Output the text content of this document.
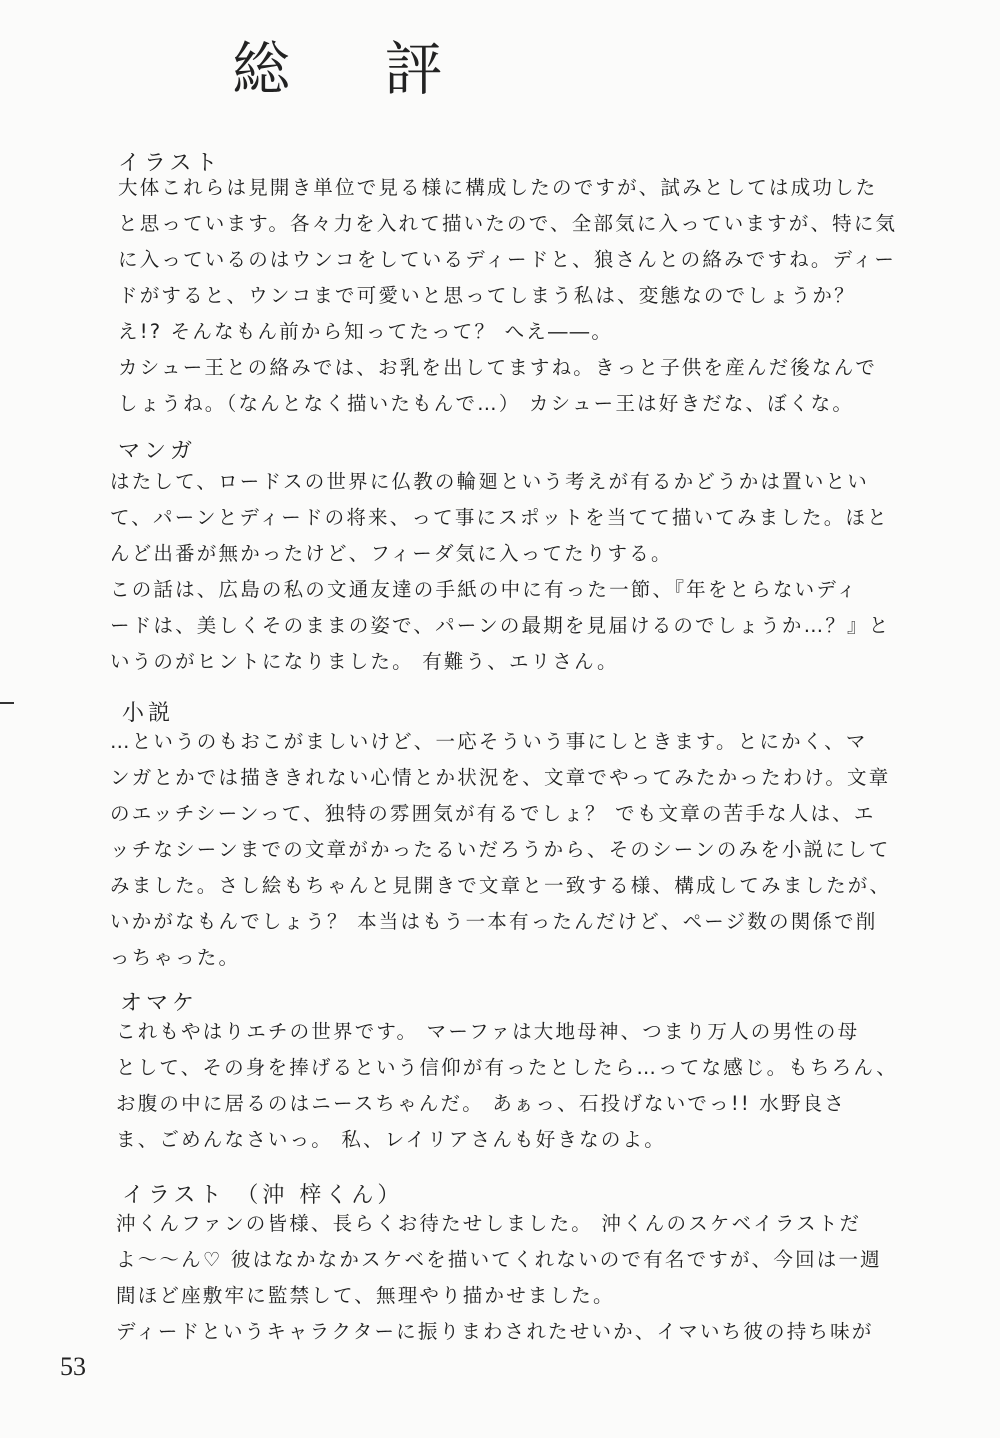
総 評
イラスト
大体これらは見開き単位で見る様に構成したのですが、試みとしては成功した
と思っています。各々力を入れて描いたので、全部気に入っていますが、特に気
に入っているのはウンコをしているディードと、狼さんとの絡みですね。ディー
ドがすると、ウンコまで可愛いと思ってしまう私は、変態なのでしょうか？
え!? そんなもん前から知ってたって？ へえ――。
カシュー王との絡みでは、お乳を出してますね。きっと子供を産んだ後なんで
しょうね。（なんとなく描いたもんで…） カシュー王は好きだな、ぼくな。
マンガ
はたして、ロードスの世界に仏教の輪廻という考えが有るかどうかは置いとい
て、パーンとディードの将来、って事にスポットを当てて描いてみました。ほと
んど出番が無かったけど、フィーダ気に入ってたりする。
この話は、広島の私の文通友達の手紙の中に有った一節、『年をとらないディ
ードは、美しくそのままの姿で、パーンの最期を見届けるのでしょうか…？』と
いうのがヒントになりました。 有難う、エリさん。
小説
…というのもおこがましいけど、一応そういう事にしときます。とにかく、マ
ンガとかでは描ききれない心情とか状況を、文章でやってみたかったわけ。文章
のエッチシーンって、独特の雰囲気が有るでしょ？ でも文章の苦手な人は、エ
ッチなシーンまでの文章がかったるいだろうから、そのシーンのみを小説にして
みました。さし絵もちゃんと見開きで文章と一致する様、構成してみましたが、
いかがなもんでしょう？ 本当はもう一本有ったんだけど、ページ数の関係で削
っちゃった。
オマケ
これもやはりエチの世界です。 マーファは大地母神、つまり万人の男性の母
として、その身を捧げるという信仰が有ったとしたら…ってな感じ。もちろん、
お腹の中に居るのはニースちゃんだ。 あぁっ、石投げないでっ!! 水野良さ
ま、ごめんなさいっ。 私、レイリアさんも好きなのよ。
イラスト （沖 梓くん）
沖くんファンの皆様、長らくお待たせしました。 沖くんのスケベイラストだ
よ～～ん♡ 彼はなかなかスケベを描いてくれないので有名ですが、今回は一週
間ほど座敷牢に監禁して、無理やり描かせました。
ディードというキャラクターに振りまわされたせいか、イマいち彼の持ち味が
53
